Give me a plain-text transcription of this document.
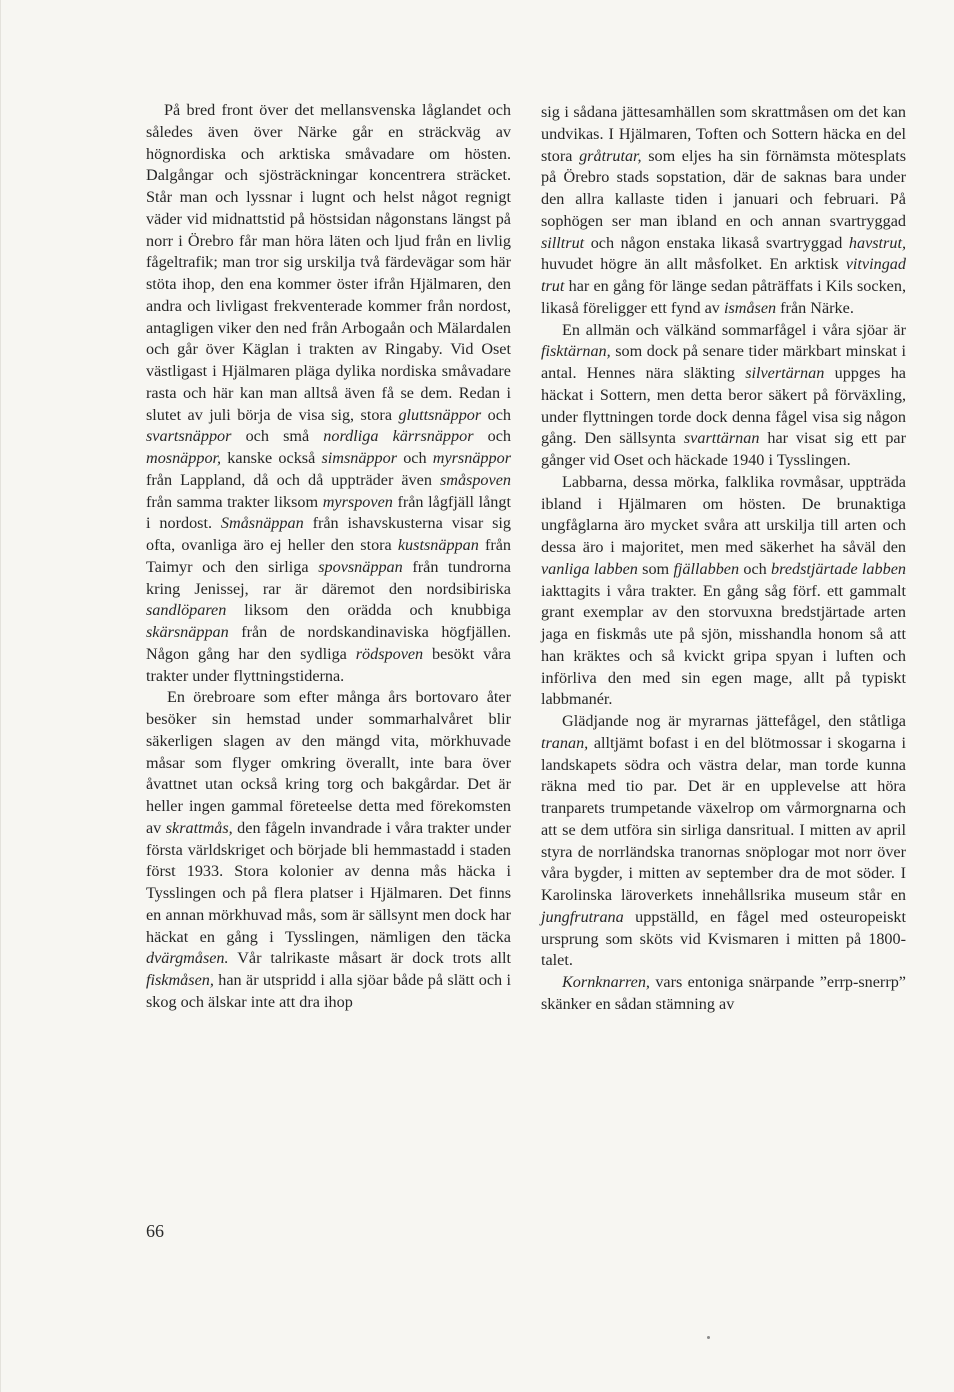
På bred front över det mellansvenska låglandet och således även över Närke går en sträckväg av högnordiska och arktiska småvadare om hösten. Dalgångar och sjösträckningar koncentrera sträcket. Står man och lyssnar i lugnt och helst något regnigt väder vid midnattstid på höstsidan någonstans längst på norr i Örebro får man höra läten och ljud från en livlig fågeltrafik; man tror sig urskilja två färdevägar som här stöta ihop, den ena kommer öster ifrån Hjälmaren, den andra och livligast frekventerade kommer från nordost, antagligen viker den ned från Arbogaån och Mälardalen och går över Käglan i trakten av Ringaby. Vid Oset västligast i Hjälmaren pläga dylika nordiska småvadare rasta och här kan man alltså även få se dem. Redan i slutet av juli börja de visa sig, stora gluttsnäppor och svartsnäppor och små nordliga kärrsnäppor och mosnäppor, kanske också simsnäppor och myrsnäppor från Lappland, då och då uppträder även småspoven från samma trakter liksom myrspoven från lågfjäll långt i nordost. Småsnäppan från ishavskusterna visar sig ofta, ovanliga äro ej heller den stora kustsnäppan från Taimyr och den sirliga spovsnäppan från tundrorna kring Jenissej, rar är däremot den nordsibiriska sandlöparen liksom den orädda och knubbiga skärsnäppan från de nordskandinaviska högfjällen. Någon gång har den sydliga rödspoven besökt våra trakter under flyttningstiderna.

En örebroare som efter många års bortovaro åter besöker sin hemstad under sommarhalvåret blir säkerligen slagen av den mängd vita, mörkhuvade måsar som flyger omkring överallt, inte bara över åvattnet utan också kring torg och bakgårdar. Det är heller ingen gammal företeelse detta med förekomsten av skrattmås, den fågeln invandrade i våra trakter under första världskriget och började bli hemmastadd i staden först 1933. Stora kolonier av denna mås häcka i Tysslingen och på flera platser i Hjälmaren. Det finns en annan mörkhuvad mås, som är sällsynt men dock har häckat en gång i Tysslingen, nämligen den täcka dvärgmåsen. Vår talrikaste måsart är dock trots allt fiskmåsen, han är utspridd i alla sjöar både på slätt och i skog och älskar inte att dra ihop

sig i sådana jättesamhällen som skrattmåsen om det kan undvikas. I Hjälmaren, Toften och Sottern häcka en del stora gråtrutar, som eljes ha sin förnämsta mötesplats på Örebro stads sopstation, där de saknas bara under den allra kallaste tiden i januari och februari. På sophögen ser man ibland en och annan svartryggad silltrut och någon enstaka likaså svartryggad havstrut, huvudet högre än allt måsfolket. En arktisk vitvingad trut har en gång för länge sedan påträffats i Kils socken, likaså föreligger ett fynd av ismåsen från Närke.

En allmän och välkänd sommarfågel i våra sjöar är fisktärnan, som dock på senare tider märkbart minskat i antal. Hennes nära släkting silvertärnan uppges ha häckat i Sottern, men detta beror säkert på förväxling, under flyttningen torde dock denna fågel visa sig någon gång. Den sällsynta svarttärnan har visat sig ett par gånger vid Oset och häckade 1940 i Tysslingen.

Labbarna, dessa mörka, falklika rovmåsar, uppträda ibland i Hjälmaren om hösten. De brunaktiga ungfåglarna äro mycket svåra att urskilja till arten och dessa äro i majoritet, men med säkerhet ha såväl den vanliga labben som fjällabben och bredstjärtade labben iakttagits i våra trakter. En gång såg förf. ett gammalt grant exemplar av den storvuxna bredstjärtade arten jaga en fiskmås ute på sjön, misshandla honom så att han kräktes och så kvickt gripa spyan i luften och införliva den med sin egen mage, allt på typiskt labbmanér.

Glädjande nog är myrarnas jättefågel, den ståtliga tranan, alltjämt bofast i en del blötmossar i skogarna i landskapets södra och västra delar, man torde kunna räkna med tio par. Det är en upplevelse att höra tranparets trumpetande växelrop om vårmorgnarna och att se dem utföra sin sirliga dansritual. I mitten av april styra de norrländska tranornas snöplogar mot norr över våra bygder, i mitten av september dra de mot söder. I Karolinska läroverkets innehållsrika museum står en jungfrutrana uppställd, en fågel med osteuropeiskt ursprung som sköts vid Kvismaren i mitten på 1800-talet.

Kornknarren, vars entoniga snärpande ”errp-snerrp” skänker en sådan stämning av

66
